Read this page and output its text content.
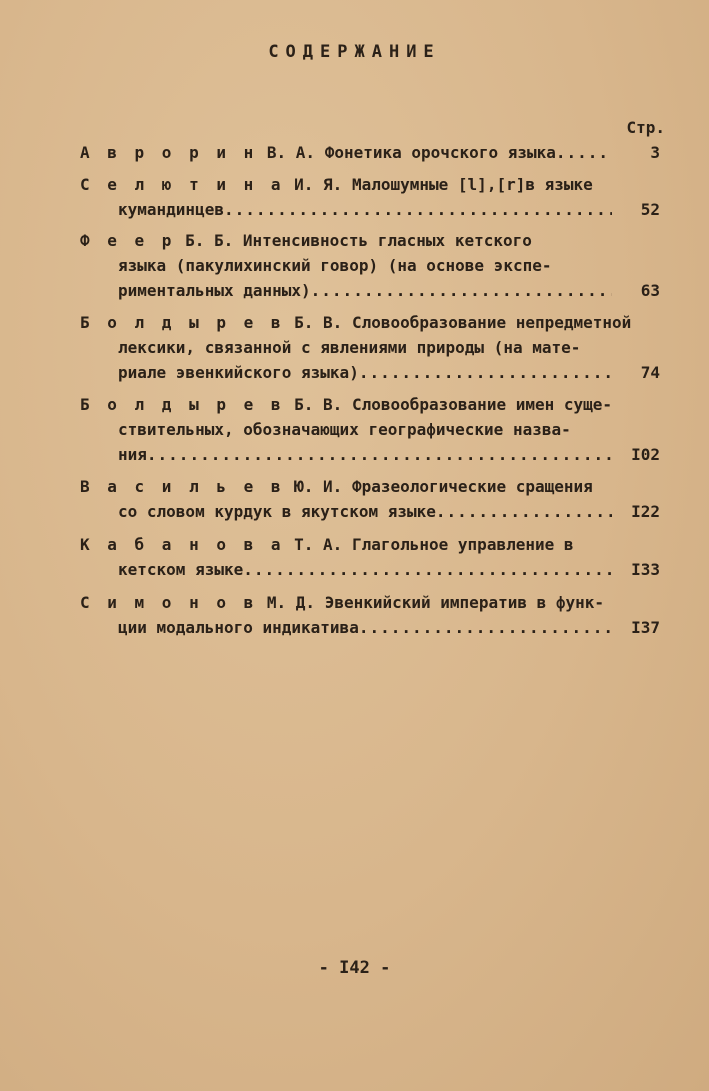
СОДЕРЖАНИЕ
Стр.
А в р о р и н В. А. Фонетика орочского языка .....	3
С е л ю т и н а И. Я. Малошумные [l],[r]в языке
кумандинцев .....	52
Ф е е р Б. Б. Интенсивность гласных кетского
языка (пакулихинский говор) (на основе экспе-
риментальных данных) .....	63
Б о л д ы р е в Б. В. Словообразование непредметной
лексики, связанной с явлениями природы (на мате-
риале эвенкийского языка) .....	74
Б о л д ы р е в Б. В. Словообразование имен суще-
ствительных, обозначающих географические назва-
ния .....	I02
В а с и л ь е в Ю. И. Фразеологические сращения
со словом курдук в якутском языке .....	I22
К а б а н о в а Т. А. Глагольное управление в
кетском языке .....	I33
С и м о н о в М. Д. Эвенкийский императив в функ-
ции модального индикатива .....	I37
- I42 -
